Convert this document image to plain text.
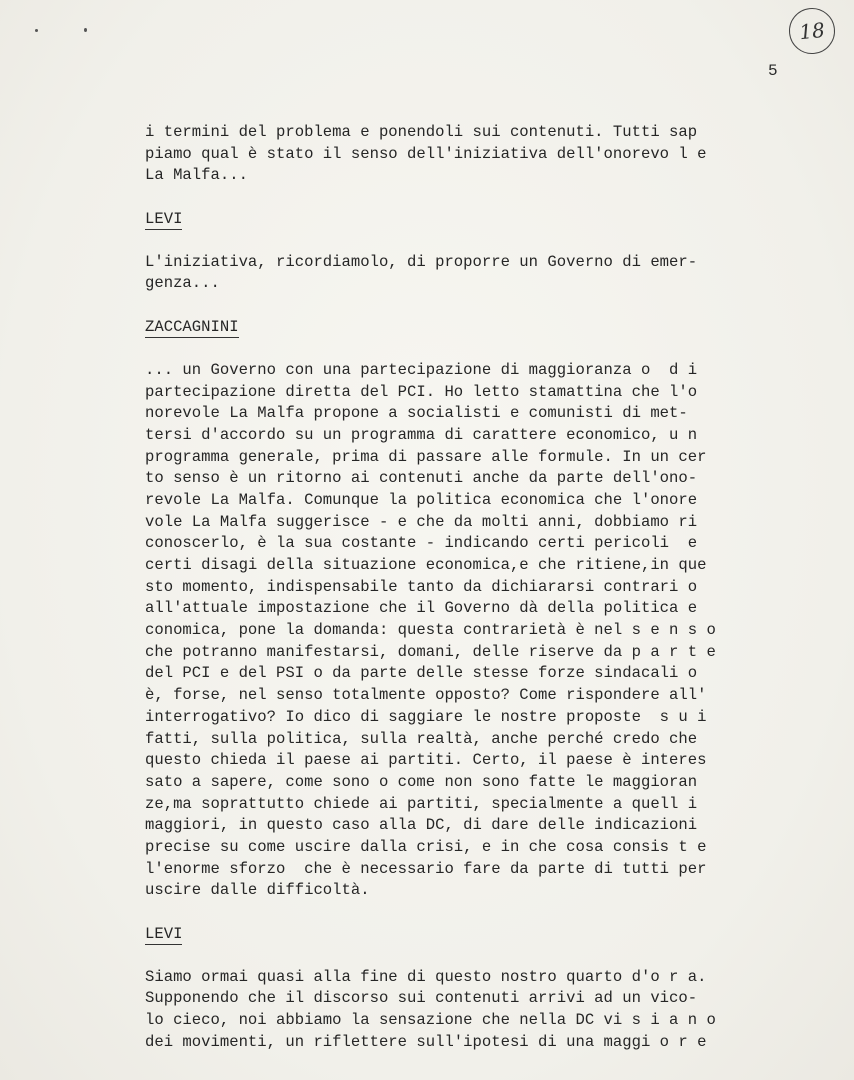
18
5
i termini del problema e ponendoli sui contenuti. Tutti sap
piamo qual è stato il senso dell'iniziativa dell'onorevo l e
La Malfa...
LEVI
L'iniziativa, ricordiamolo, di proporre un Governo di emer-
genza...
ZACCAGNINI
... un Governo con una partecipazione di maggioranza o  d i
partecipazione diretta del PCI. Ho letto stamattina che l'o
norevole La Malfa propone a socialisti e comunisti di met-
tersi d'accordo su un programma di carattere economico, u n
programma generale, prima di passare alle formule. In un cer
to senso è un ritorno ai contenuti anche da parte dell'ono-
revole La Malfa. Comunque la politica economica che l'onore
vole La Malfa suggerisce - e che da molti anni, dobbiamo ri
conoscerlo, è la sua costante - indicando certi pericoli  e
certi disagi della situazione economica,e che ritiene,in que
sto momento, indispensabile tanto da dichiararsi contrari o
all'attuale impostazione che il Governo dà della politica e
conomica, pone la domanda: questa contrarietà è nel s e n s o
che potranno manifestarsi, domani, delle riserve da p a r t e
del PCI e del PSI o da parte delle stesse forze sindacali o
è, forse, nel senso totalmente opposto? Come rispondere all'
interrogativo? Io dico di saggiare le nostre proposte  s u i
fatti, sulla politica, sulla realtà, anche perché credo che
questo chieda il paese ai partiti. Certo, il paese è interes
sato a sapere, come sono o come non sono fatte le maggioran
ze,ma soprattutto chiede ai partiti, specialmente a quell i
maggiori, in questo caso alla DC, di dare delle indicazioni
precise su come uscire dalla crisi, e in che cosa consis t e
l'enorme sforzo  che è necessario fare da parte di tutti per
uscire dalle difficoltà.
LEVI
Siamo ormai quasi alla fine di questo nostro quarto d'o r a.
Supponendo che il discorso sui contenuti arrivi ad un vico-
lo cieco, noi abbiamo la sensazione che nella DC vi s i a n o
dei movimenti, un riflettere sull'ipotesi di una maggi o r e
